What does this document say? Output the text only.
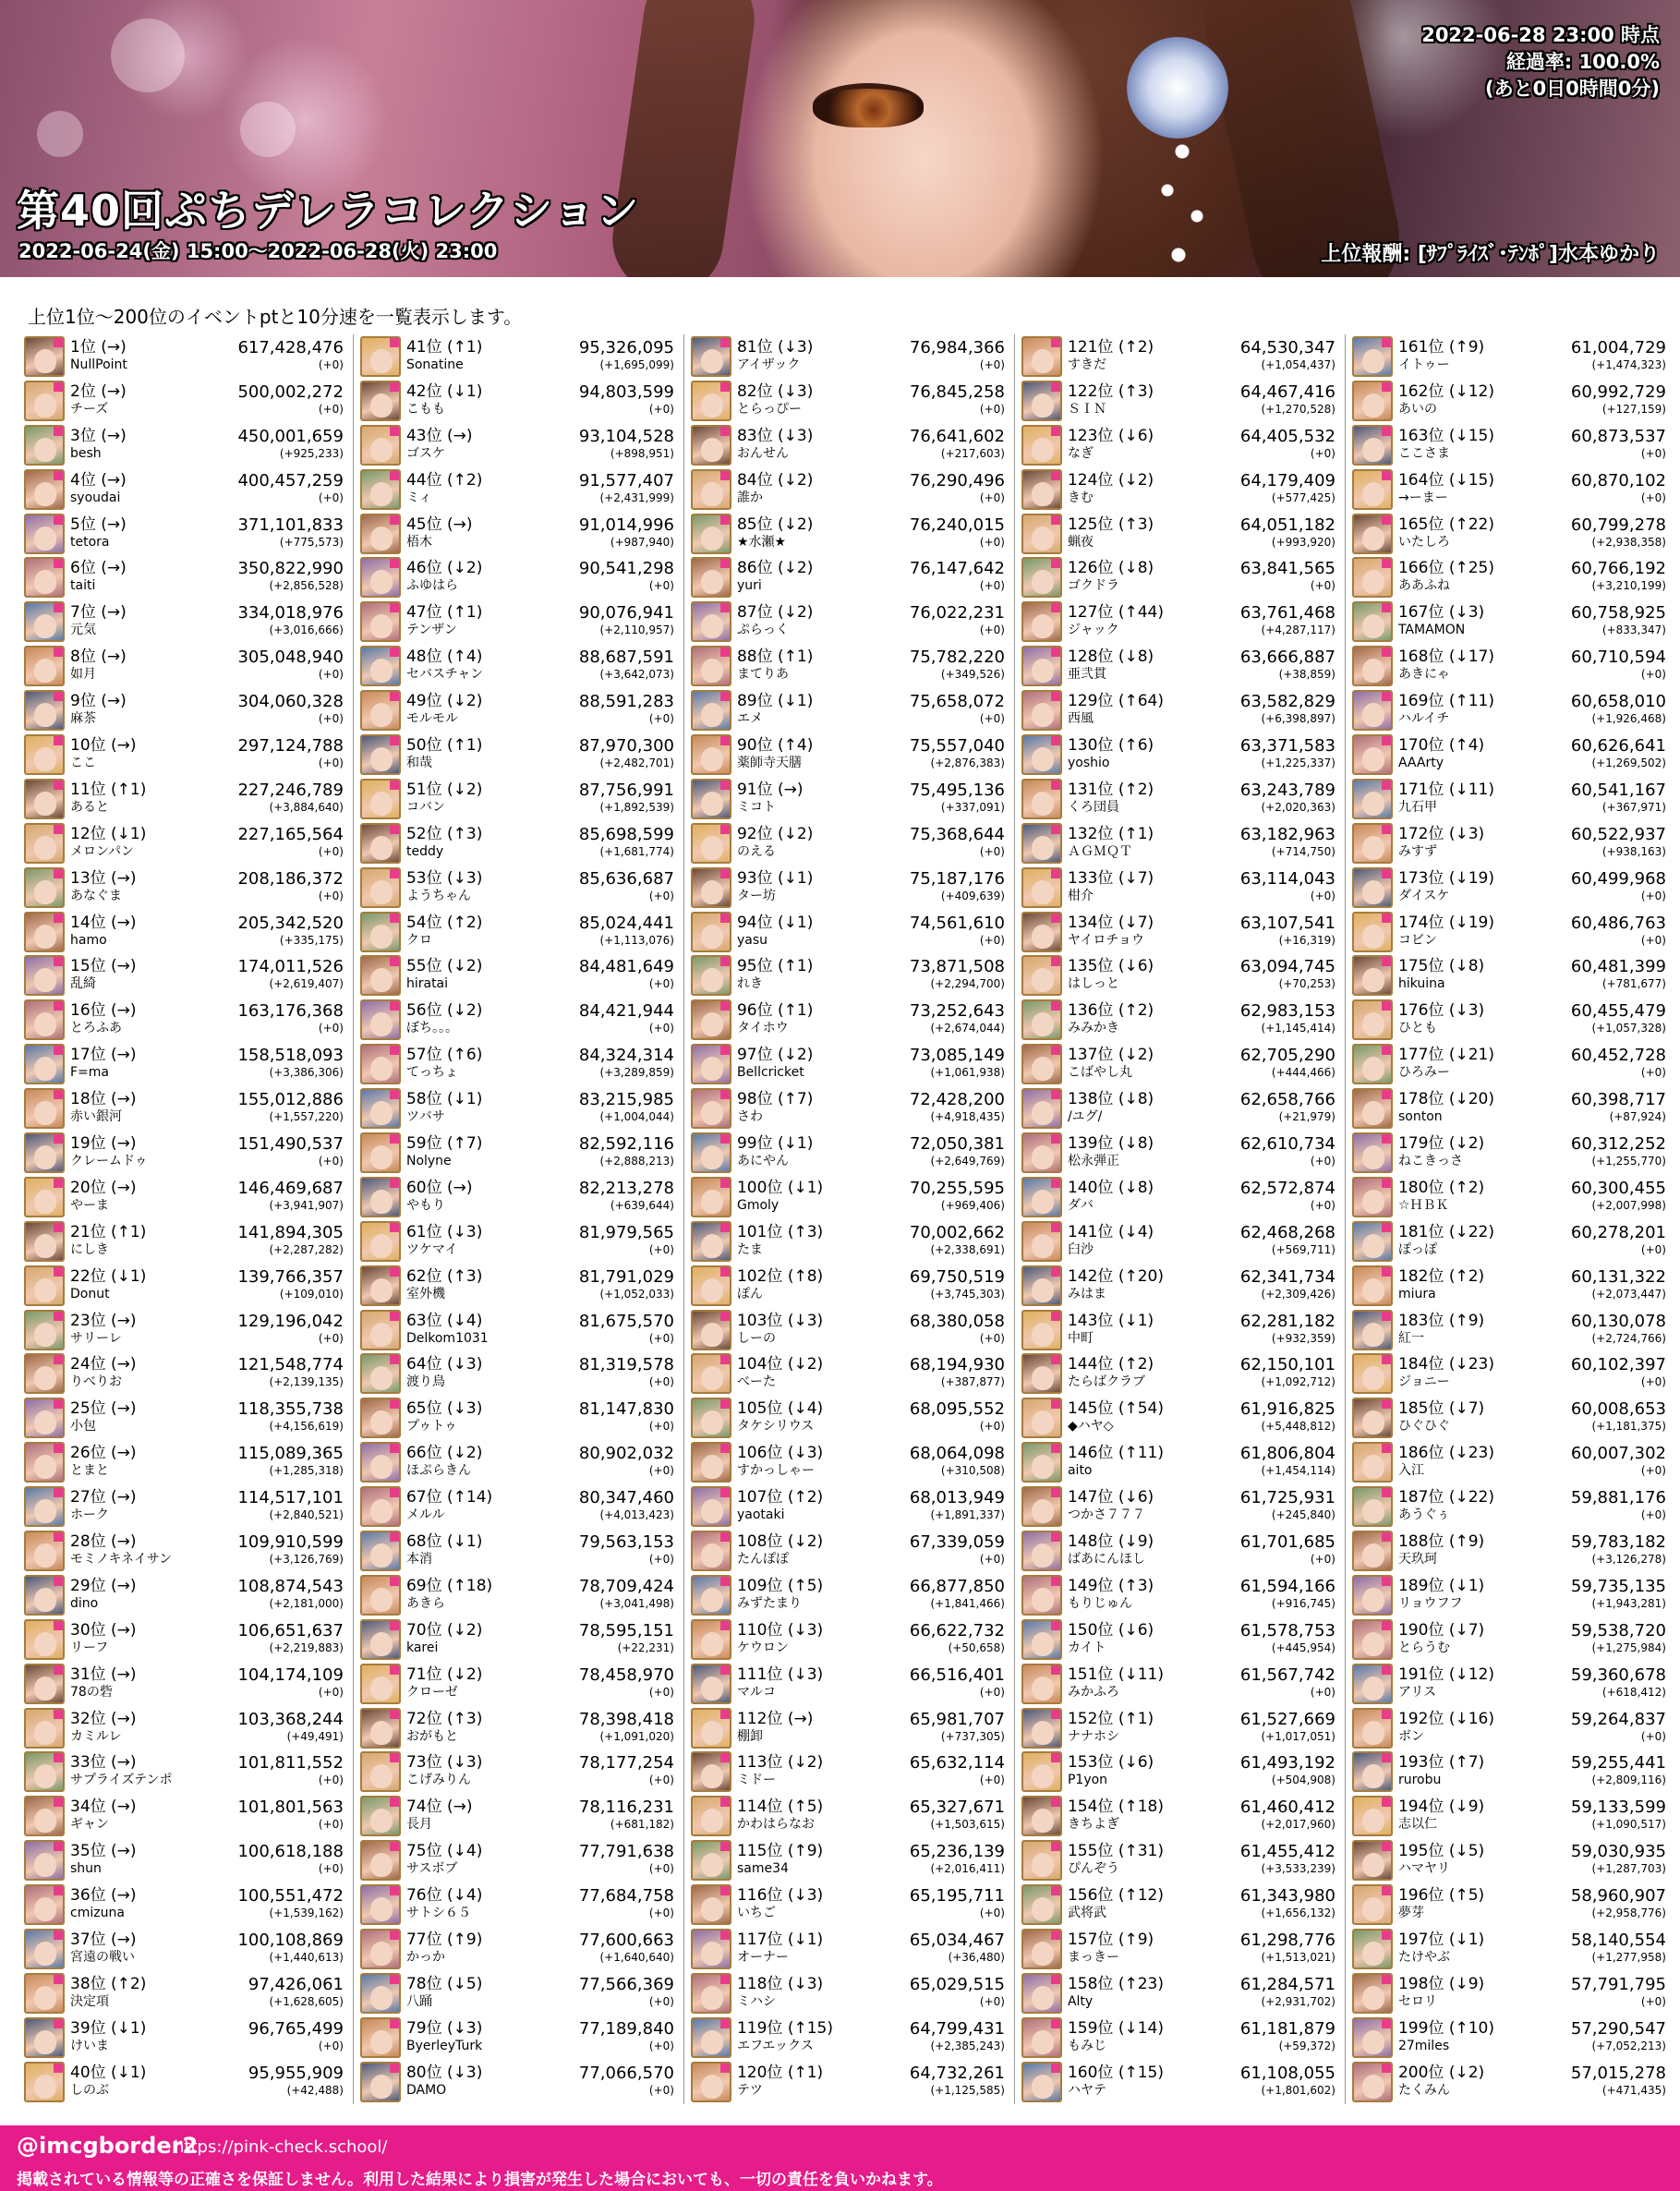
2022-06-28 23:00 時点
経過率: 100.0%
(あと0日0時間0分)
第40回ぷちデレラコレクション
2022-06-24(金) 15:00～2022-06-28(火) 23:00	上位報酬: [ｻﾌﾟﾗｲｽﾞ･ﾃﾝﾎﾟ]水本ゆかり
上位1位～200位のイベントptと10分速を一覧表示します。
1位 (→)	617,428,476
NullPoint	(+0)
2位 (→)	500,002,272
チーズ	(+0)
3位 (→)	450,001,659
besh	(+925,233)
4位 (→)	400,457,259
syoudai	(+0)
5位 (→)	371,101,833
tetora	(+775,573)
6位 (→)	350,822,990
taiti	(+2,856,528)
7位 (→)	334,018,976
元気	(+3,016,666)
8位 (→)	305,048,940
如月	(+0)
9位 (→)	304,060,328
麻茶	(+0)
10位 (→)	297,124,788
ここ	(+0)
11位 (↑1)	227,246,789
あると	(+3,884,640)
12位 (↓1)	227,165,564
メロンパン	(+0)
13位 (→)	208,186,372
あなぐま	(+0)
14位 (→)	205,342,520
hamo	(+335,175)
15位 (→)	174,011,526
乱綺	(+2,619,407)
16位 (→)	163,176,368
とろふあ	(+0)
17位 (→)	158,518,093
F=ma	(+3,386,306)
18位 (→)	155,012,886
赤い銀河	(+1,557,220)
19位 (→)	151,490,537
クレームドゥ	(+0)
20位 (→)	146,469,687
やーま	(+3,941,907)
21位 (↑1)	141,894,305
にしき	(+2,287,282)
22位 (↓1)	139,766,357
Donut	(+109,010)
23位 (→)	129,196,042
サリーレ	(+0)
24位 (→)	121,548,774
りべりお	(+2,139,135)
25位 (→)	118,355,738
小包	(+4,156,619)
26位 (→)	115,089,365
とまと	(+1,285,318)
27位 (→)	114,517,101
ホーク	(+2,840,521)
28位 (→)	109,910,599
モミノキネイサン	(+3,126,769)
29位 (→)	108,874,543
dino	(+2,181,000)
30位 (→)	106,651,637
リーフ	(+2,219,883)
31位 (→)	104,174,109
78の砦	(+0)
32位 (→)	103,368,244
カミルレ	(+49,491)
33位 (→)	101,811,552
サプライズテンポ	(+0)
34位 (→)	101,801,563
ギャン	(+0)
35位 (→)	100,618,188
shun	(+0)
36位 (→)	100,551,472
cmizuna	(+1,539,162)
37位 (→)	100,108,869
宮遠の戦い	(+1,440,613)
38位 (↑2)	97,426,061
決定項	(+1,628,605)
39位 (↓1)	96,765,499
けいま	(+0)
40位 (↓1)	95,955,909
しのぶ	(+42,488)
41位 (↑1)	95,326,095
Sonatine	(+1,695,099)
42位 (↓1)	94,803,599
こもも	(+0)
43位 (→)	93,104,528
ゴスケ	(+898,951)
44位 (↑2)	91,577,407
ミィ	(+2,431,999)
45位 (→)	91,014,996
梧木	(+987,940)
46位 (↓2)	90,541,298
ふゆはら	(+0)
47位 (↑1)	90,076,941
テンザン	(+2,110,957)
48位 (↑4)	88,687,591
セバスチャン	(+3,642,073)
49位 (↓2)	88,591,283
モルモル	(+0)
50位 (↑1)	87,970,300
和哉	(+2,482,701)
51位 (↓2)	87,756,991
コバン	(+1,892,539)
52位 (↑3)	85,698,599
teddy	(+1,681,774)
53位 (↓3)	85,636,687
ようちゃん	(+0)
54位 (↑2)	85,024,441
クロ	(+1,113,076)
55位 (↓2)	84,481,649
hiratai	(+0)
56位 (↓2)	84,421,944
ぼち。。。	(+0)
57位 (↑6)	84,324,314
てっちょ	(+3,289,859)
58位 (↓1)	83,215,985
ツバサ	(+1,004,044)
59位 (↑7)	82,592,116
Nolyne	(+2,888,213)
60位 (→)	82,213,278
やもり	(+639,644)
61位 (↓3)	81,979,565
ツケマイ	(+0)
62位 (↑3)	81,791,029
室外機	(+1,052,033)
63位 (↓4)	81,675,570
Delkom1031	(+0)
64位 (↓3)	81,319,578
渡り鳥	(+0)
65位 (↓3)	81,147,830
プゥトゥ	(+0)
66位 (↓2)	80,902,032
ほぷらきん	(+0)
67位 (↑14)	80,347,460
メルル	(+4,013,423)
68位 (↓1)	79,563,153
本消	(+0)
69位 (↑18)	78,709,424
あきら	(+3,041,498)
70位 (↓2)	78,595,151
karei	(+22,231)
71位 (↓2)	78,458,970
クローゼ	(+0)
72位 (↑3)	78,398,418
おがもと	(+1,091,020)
73位 (↓3)	78,177,254
こげみりん	(+0)
74位 (→)	78,116,231
長月	(+681,182)
75位 (↓4)	77,791,638
サスボブ	(+0)
76位 (↓4)	77,684,758
サトシ６５	(+0)
77位 (↑9)	77,600,663
かっか	(+1,640,640)
78位 (↓5)	77,566,369
八踊	(+0)
79位 (↓3)	77,189,840
ByerleyTurk	(+0)
80位 (↓3)	77,066,570
DAMO	(+0)
81位 (↓3)	76,984,366
アイザック	(+0)
82位 (↓3)	76,845,258
とらっぴー	(+0)
83位 (↓3)	76,641,602
おんせん	(+217,603)
84位 (↓2)	76,290,496
誰か	(+0)
85位 (↓2)	76,240,015
★水瀬★	(+0)
86位 (↓2)	76,147,642
yuri	(+0)
87位 (↓2)	76,022,231
ぷらっく	(+0)
88位 (↑1)	75,782,220
まてりあ	(+349,526)
89位 (↓1)	75,658,072
エメ	(+0)
90位 (↑4)	75,557,040
薬師寺天膳	(+2,876,383)
91位 (→)	75,495,136
ミコト	(+337,091)
92位 (↓2)	75,368,644
のえる	(+0)
93位 (↓1)	75,187,176
ター坊	(+409,639)
94位 (↓1)	74,561,610
yasu	(+0)
95位 (↑1)	73,871,508
れき	(+2,294,700)
96位 (↑1)	73,252,643
タイホウ	(+2,674,044)
97位 (↓2)	73,085,149
Bellcricket	(+1,061,938)
98位 (↑7)	72,428,200
さわ	(+4,918,435)
99位 (↓1)	72,050,381
あにやん	(+2,649,769)
100位 (↓1)	70,255,595
Gmoly	(+969,406)
101位 (↑3)	70,002,662
たま	(+2,338,691)
102位 (↑8)	69,750,519
ぽん	(+3,745,303)
103位 (↓3)	68,380,058
しーの	(+0)
104位 (↓2)	68,194,930
べーた	(+387,877)
105位 (↓4)	68,095,552
タケシリウス	(+0)
106位 (↓3)	68,064,098
すかっしゃー	(+310,508)
107位 (↑2)	68,013,949
yaotaki	(+1,891,337)
108位 (↓2)	67,339,059
たんぽぽ	(+0)
109位 (↑5)	66,877,850
みずたまり	(+1,841,466)
110位 (↓3)	66,622,732
ケウロン	(+50,658)
111位 (↓3)	66,516,401
マルコ	(+0)
112位 (→)	65,981,707
棚卸	(+737,305)
113位 (↓2)	65,632,114
ミドー	(+0)
114位 (↑5)	65,327,671
かわはらなお	(+1,503,615)
115位 (↑9)	65,236,139
same34	(+2,016,411)
116位 (↓3)	65,195,711
いちご	(+0)
117位 (↓1)	65,034,467
オーナー	(+36,480)
118位 (↓3)	65,029,515
ミハシ	(+0)
119位 (↑15)	64,799,431
エフエックス	(+2,385,243)
120位 (↑1)	64,732,261
テツ	(+1,125,585)
121位 (↑2)	64,530,347
すきだ	(+1,054,437)
122位 (↑3)	64,467,416
ＳＩＮ	(+1,270,528)
123位 (↓6)	64,405,532
なぎ	(+0)
124位 (↓2)	64,179,409
きむ	(+577,425)
125位 (↑3)	64,051,182
蝋夜	(+993,920)
126位 (↓8)	63,841,565
ゴクドラ	(+0)
127位 (↑44)	63,761,468
ジャック	(+4,287,117)
128位 (↓8)	63,666,887
亜弐貫	(+38,859)
129位 (↑64)	63,582,829
西風	(+6,398,897)
130位 (↑6)	63,371,583
yoshio	(+1,225,337)
131位 (↑2)	63,243,789
くろ団員	(+2,020,363)
132位 (↑1)	63,182,963
ＡＧＭＱＴ	(+714,750)
133位 (↓7)	63,114,043
柑介	(+0)
134位 (↓7)	63,107,541
ヤイロチョウ	(+16,319)
135位 (↓6)	63,094,745
はしっと	(+70,253)
136位 (↑2)	62,983,153
みみかき	(+1,145,414)
137位 (↓2)	62,705,290
こばやし丸	(+444,466)
138位 (↓8)	62,658,766
/ユグ/	(+21,979)
139位 (↓8)	62,610,734
松永弾正	(+0)
140位 (↓8)	62,572,874
ダバ	(+0)
141位 (↓4)	62,468,268
臼沙	(+569,711)
142位 (↑20)	62,341,734
みはま	(+2,309,426)
143位 (↓1)	62,281,182
中町	(+932,359)
144位 (↑2)	62,150,101
たらばクラブ	(+1,092,712)
145位 (↑54)	61,916,825
◆ハヤ◇	(+5,448,812)
146位 (↑11)	61,806,804
aito	(+1,454,114)
147位 (↓6)	61,725,931
つかさ７７７	(+245,840)
148位 (↓9)	61,701,685
ばあにんほし	(+0)
149位 (↑3)	61,594,166
もりじゅん	(+916,745)
150位 (↓6)	61,578,753
カイト	(+445,954)
151位 (↓11)	61,567,742
みかふろ	(+0)
152位 (↑1)	61,527,669
ナナホシ	(+1,017,051)
153位 (↓6)	61,493,192
P1yon	(+504,908)
154位 (↑18)	61,460,412
きちよぎ	(+2,017,960)
155位 (↑31)	61,455,412
ぴんぞう	(+3,533,239)
156位 (↑12)	61,343,980
武将武	(+1,656,132)
157位 (↑9)	61,298,776
まっきー	(+1,513,021)
158位 (↑23)	61,284,571
Alty	(+2,931,702)
159位 (↓14)	61,181,879
もみじ	(+59,372)
160位 (↑15)	61,108,055
ハヤテ	(+1,801,602)
161位 (↑9)	61,004,729
イトゥー	(+1,474,323)
162位 (↓12)	60,992,729
あいの	(+127,159)
163位 (↓15)	60,873,537
ここさま	(+0)
164位 (↓15)	60,870,102
→ーまー	(+0)
165位 (↑22)	60,799,278
いたしろ	(+2,938,358)
166位 (↑25)	60,766,192
ああふね	(+3,210,199)
167位 (↓3)	60,758,925
TAMAMON	(+833,347)
168位 (↓17)	60,710,594
あきにゃ	(+0)
169位 (↑11)	60,658,010
ハルイチ	(+1,926,468)
170位 (↑4)	60,626,641
AAArty	(+1,269,502)
171位 (↓11)	60,541,167
九石甲	(+367,971)
172位 (↓3)	60,522,937
みすず	(+938,163)
173位 (↓19)	60,499,968
ダイスケ	(+0)
174位 (↓19)	60,486,763
コビン	(+0)
175位 (↓8)	60,481,399
hikuina	(+781,677)
176位 (↓3)	60,455,479
ひとも	(+1,057,328)
177位 (↓21)	60,452,728
ひろみー	(+0)
178位 (↓20)	60,398,717
sonton	(+87,924)
179位 (↓2)	60,312,252
ねこきっさ	(+1,255,770)
180位 (↑2)	60,300,455
☆ＨＢＫ	(+2,007,998)
181位 (↓22)	60,278,201
ぽっぽ	(+0)
182位 (↑2)	60,131,322
miura	(+2,073,447)
183位 (↑9)	60,130,078
紅一	(+2,724,766)
184位 (↓23)	60,102,397
ジョニー	(+0)
185位 (↓7)	60,008,653
ひぐひぐ	(+1,181,375)
186位 (↓23)	60,007,302
入江	(+0)
187位 (↓22)	59,881,176
あうぐぅ	(+0)
188位 (↑9)	59,783,182
天玖珂	(+3,126,278)
189位 (↓1)	59,735,135
リョウフフ	(+1,943,281)
190位 (↓7)	59,538,720
とらうむ	(+1,275,984)
191位 (↓12)	59,360,678
アリス	(+618,412)
192位 (↓16)	59,264,837
ボン	(+0)
193位 (↑7)	59,255,441
rurobu	(+2,809,116)
194位 (↓9)	59,133,599
志以仁	(+1,090,517)
195位 (↓5)	59,030,935
ハマヤリ	(+1,287,703)
196位 (↑5)	58,960,907
夢芽	(+2,958,776)
197位 (↓1)	58,140,554
たけやぶ	(+1,277,958)
198位 (↓9)	57,791,795
セロリ	(+0)
199位 (↑10)	57,290,547
27miles	(+7,052,213)
200位 (↓2)	57,015,278
たくみん	(+471,435)
@imcgborder2
https://pink-check.school/
掲載されている情報等の正確さを保証しません。利用した結果により損害が発生した場合においても、一切の責任を負いかねます。
